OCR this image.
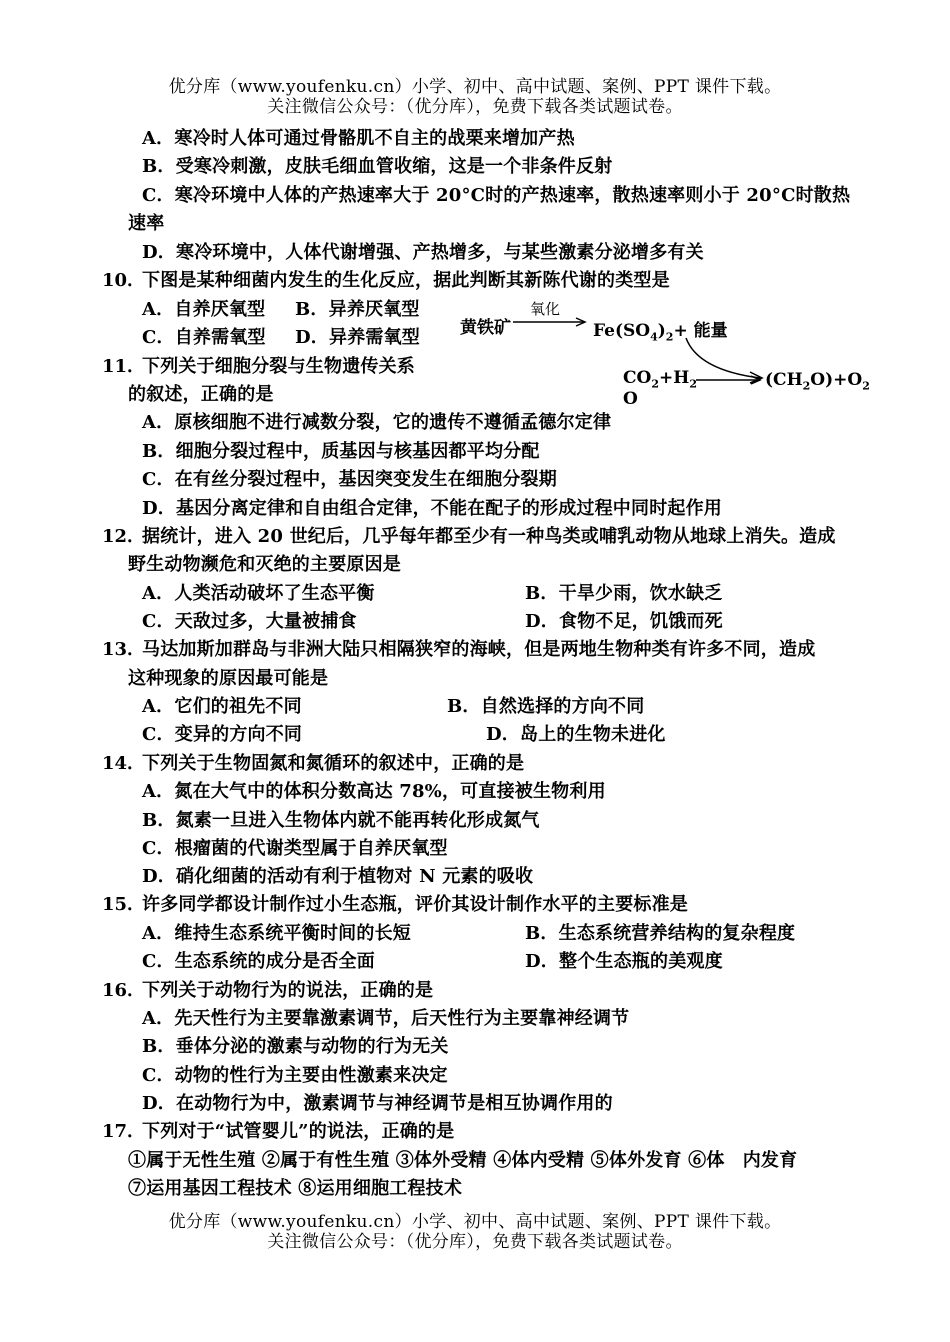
优分库（www.youfenku.cn）小学、初中、高中试题、案例、PPT 课件下载。
关注微信公众号：（优分库），免费下载各类试题试卷。
A．寒冷时人体可通过骨骼肌不自主的战栗来增加产热
B．受寒冷刺激，皮肤毛细血管收缩，这是一个非条件反射
C．寒冷环境中人体的产热速率大于 20°C时的产热速率，散热速率则小于 20°C时散热
速率
D．寒冷环境中，人体代谢增强、产热增多，与某些激素分泌增多有关
10．
下图是某种细菌内发生的生化反应，据此判断其新陈代谢的类型是
A．自养厌氧型 B．异养厌氧型
C．自养需氧型 D．异养需氧型 黄铁矿
氧化
$Fe(SO_4)_2+$ 能量
$CO_2+H_2$
O
$(CH_2O)+O_2$
11．
下列关于细胞分裂与生物遗传关系
的叙述，正确的是
A．原核细胞不进行减数分裂，它的遗传不遵循孟德尔定律
B．细胞分裂过程中，质基因与核基因都平均分配
C．在有丝分裂过程中，基因突变发生在细胞分裂期
D．基因分离定律和自由组合定律，不能在配子的形成过程中同时起作用
12．
据统计，进入 20 世纪后，几乎每年都至少有一种鸟类或哺乳动物从地球上消失。造成
野生动物濒危和灭绝的主要原因是
A．人类活动破坏了生态平衡	B．干旱少雨，饮水缺乏
C．天敌过多，大量被捕食	D．食物不足，饥饿而死
13．
马达加斯加群岛与非洲大陆只相隔狭窄的海峡，但是两地生物种类有许多不同，造成
这种现象的原因最可能是
A．它们的祖先不同	B．自然选择的方向不同
C．变异的方向不同	D．岛上的生物未进化
14．
下列关于生物固氮和氮循环的叙述中，正确的是
A．氮在大气中的体积分数高达 78%，可直接被生物利用
B．氮素一旦进入生物体内就不能再转化形成氮气
C．根瘤菌的代谢类型属于自养厌氧型
D．硝化细菌的活动有利于植物对 N 元素的吸收
15．
许多同学都设计制作过小生态瓶，评价其设计制作水平的主要标准是
A．维持生态系统平衡时间的长短	B．生态系统营养结构的复杂程度
C．生态系统的成分是否全面	D．整个生态瓶的美观度
16．
下列关于动物行为的说法，正确的是
A．先天性行为主要靠激素调节，后天性行为主要靠神经调节
B．垂体分泌的激素与动物的行为无关
C．动物的性行为主要由性激素来决定
D．在动物行为中，激素调节与神经调节是相互协调作用的
17．
下列对于“试管婴儿”的说法，正确的是
①属于无性生殖 ②属于有性生殖 ③体外受精 ④体内受精 ⑤体外发育 ⑥体　内发育
⑦运用基因工程技术 ⑧运用细胞工程技术
优分库（www.youfenku.cn）小学、初中、高中试题、案例、PPT 课件下载。
关注微信公众号：（优分库），免费下载各类试题试卷。
